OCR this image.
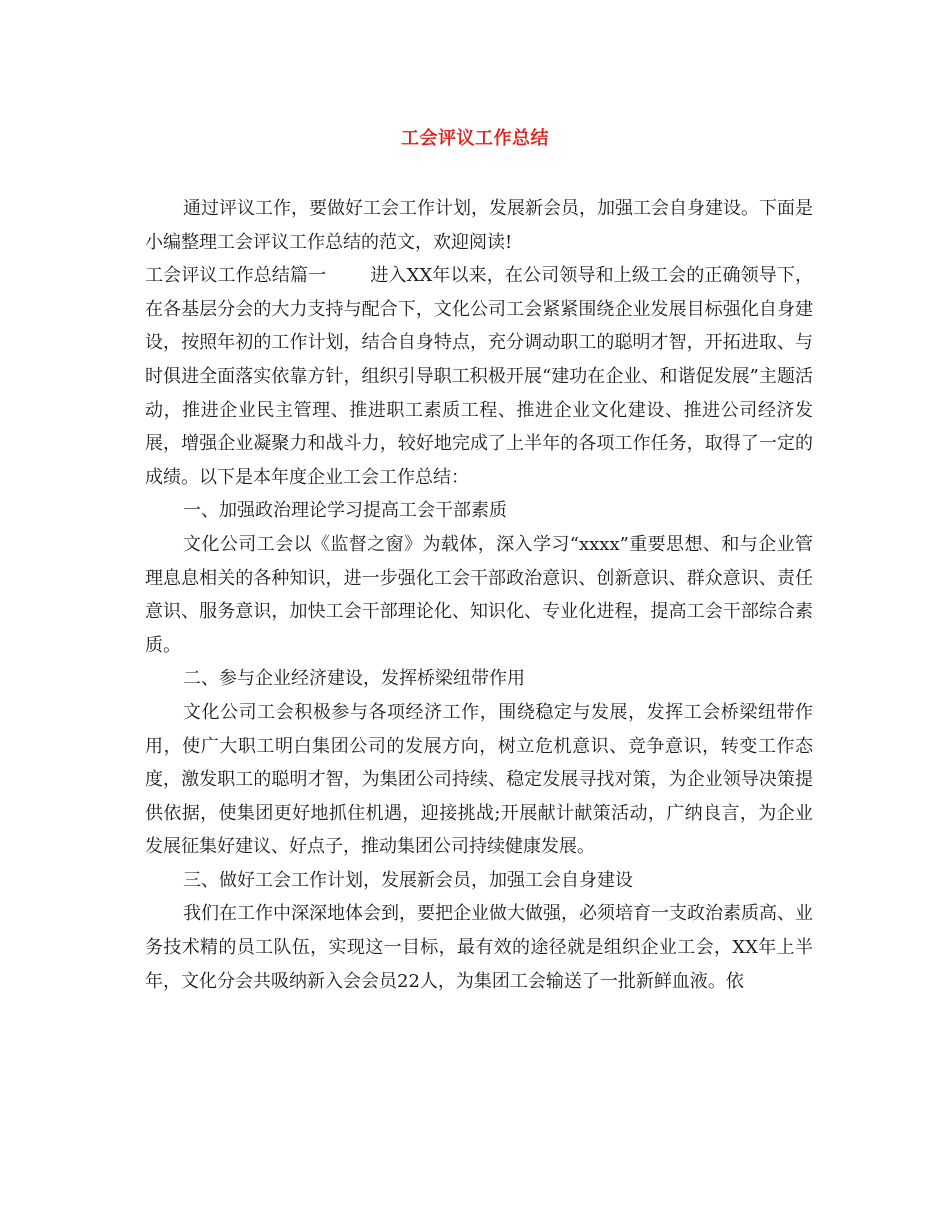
工会评议工作总结

通过评议工作，要做好工会工作计划，发展新会员，加强工会自身建设。下面是小编整理工会评议工作总结的范文，欢迎阅读!

工会评议工作总结篇一 进入XX年以来，在公司领导和上级工会的正确领导下，在各基层分会的大力支持与配合下，文化公司工会紧紧围绕企业发展目标强化自身建设，按照年初的工作计划，结合自身特点，充分调动职工的聪明才智，开拓进取、与时俱进全面落实依靠方针，组织引导职工积极开展“建功在企业、和谐促发展”主题活动，推进企业民主管理、推进职工素质工程、推进企业文化建设、推进公司经济发展，增强企业凝聚力和战斗力，较好地完成了上半年的各项工作任务，取得了一定的成绩。以下是本年度企业工会工作总结：

一、加强政治理论学习提高工会干部素质

文化公司工会以《监督之窗》为载体，深入学习“xxxx”重要思想、和与企业管理息息相关的各种知识，进一步强化工会干部政治意识、创新意识、群众意识、责任意识、服务意识，加快工会干部理论化、知识化、专业化进程，提高工会干部综合素质。

二、参与企业经济建设，发挥桥梁纽带作用

文化公司工会积极参与各项经济工作，围绕稳定与发展，发挥工会桥梁纽带作用，使广大职工明白集团公司的发展方向，树立危机意识、竞争意识，转变工作态度，激发职工的聪明才智，为集团公司持续、稳定发展寻找对策，为企业领导决策提供依据，使集团更好地抓住机遇，迎接挑战;开展献计献策活动，广纳良言，为企业发展征集好建议、好点子，推动集团公司持续健康发展。

三、做好工会工作计划，发展新会员，加强工会自身建设

我们在工作中深深地体会到，要把企业做大做强，必须培育一支政治素质高、业务技术精的员工队伍，实现这一目标，最有效的途径就是组织企业工会，XX年上半年，文化分会共吸纳新入会会员22人，为集团工会输送了一批新鲜血液。依
